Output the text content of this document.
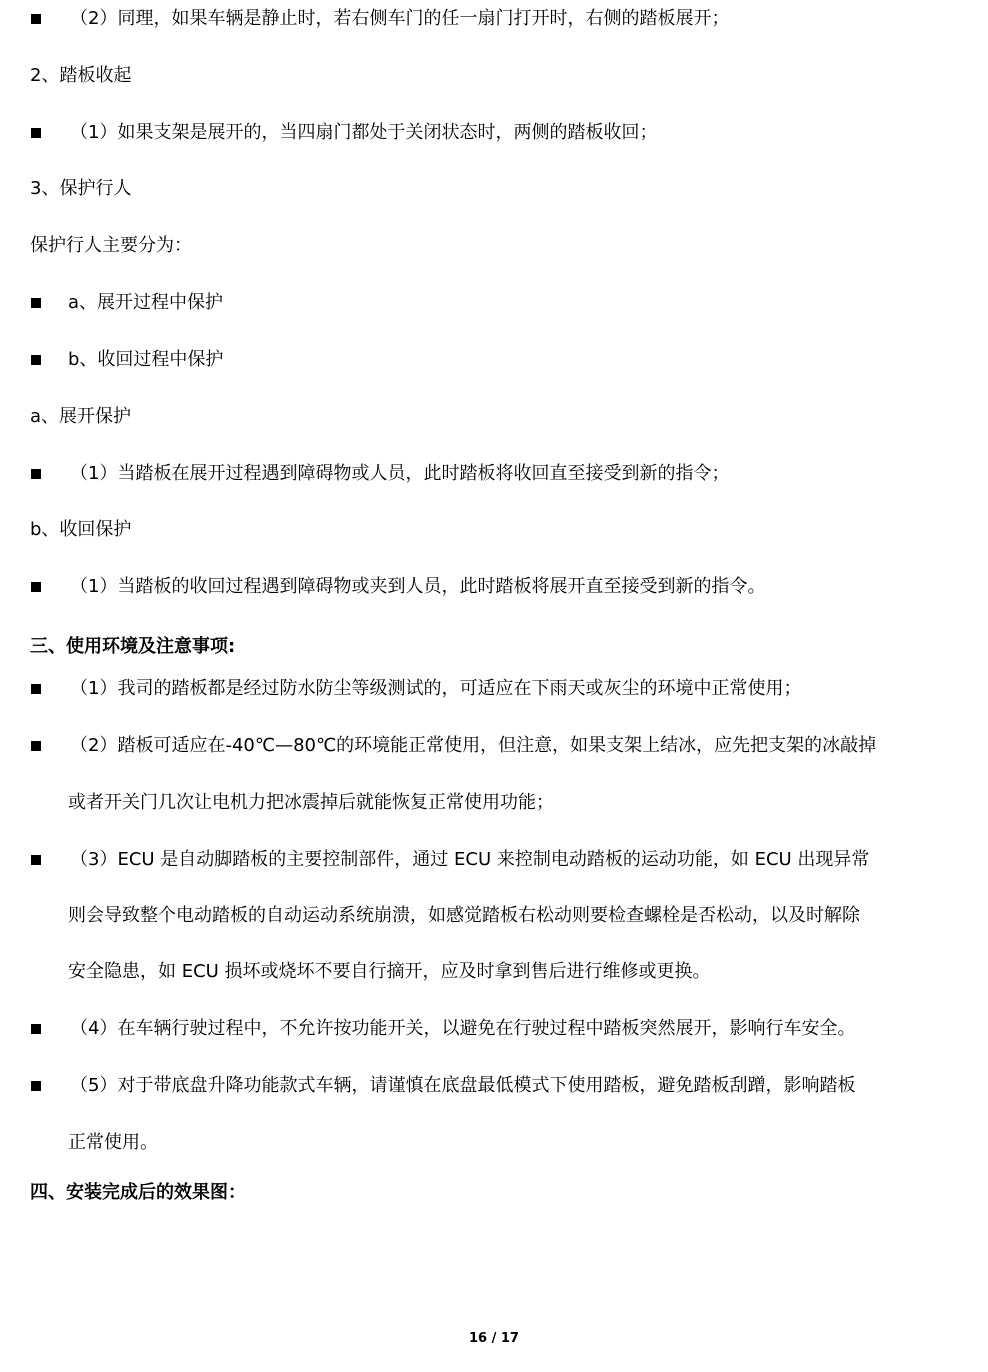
（2）同理，如果车辆是静止时，若右侧车门的任一扇门打开时，右侧的踏板展开；
2、踏板收起
（1）如果支架是展开的，当四扇门都处于关闭状态时，两侧的踏板收回；
3、保护行人
保护行人主要分为：
a、展开过程中保护
b、收回过程中保护
a、展开保护
（1）当踏板在展开过程遇到障碍物或人员，此时踏板将收回直至接受到新的指令；
b、收回保护
（1）当踏板的收回过程遇到障碍物或夹到人员，此时踏板将展开直至接受到新的指令。
三、使用环境及注意事项:
（1）我司的踏板都是经过防水防尘等级测试的，可适应在下雨天或灰尘的环境中正常使用；
（2）踏板可适应在-40℃—80℃的环境能正常使用，但注意，如果支架上结冰，应先把支架的冰敲掉
或者开关门几次让电机力把冰震掉后就能恢复正常使用功能；
（3）ECU 是自动脚踏板的主要控制部件，通过 ECU 来控制电动踏板的运动功能，如 ECU 出现异常
则会导致整个电动踏板的自动运动系统崩溃，如感觉踏板右松动则要检查螺栓是否松动，以及时解除
安全隐患，如 ECU 损坏或烧坏不要自行摘开，应及时拿到售后进行维修或更换。
（4）在车辆行驶过程中，不允许按功能开关，以避免在行驶过程中踏板突然展开，影响行车安全。
（5）对于带底盘升降功能款式车辆，请谨慎在底盘最低模式下使用踏板，避免踏板刮蹭，影响踏板
正常使用。
四、安装完成后的效果图：
16 / 17
